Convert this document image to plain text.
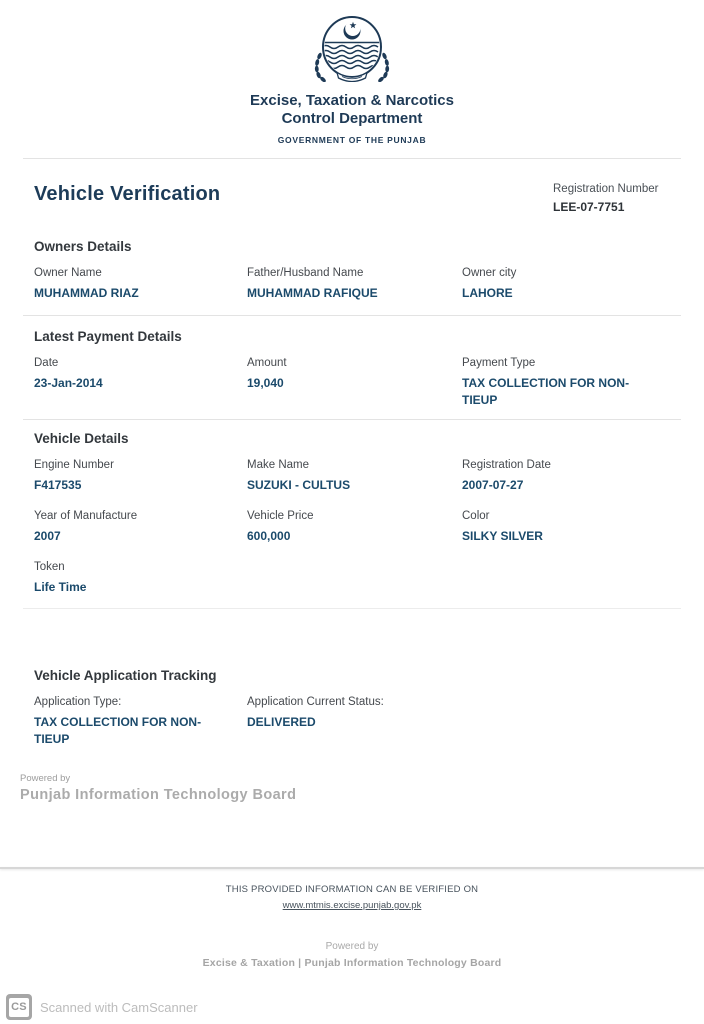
Excise, Taxation & Narcotics
Control Department
GOVERNMENT OF THE PUNJAB
Vehicle Verification	Registration Number
LEE-07-7751
Owners Details
Owner Name
MUHAMMAD RIAZ
Father/Husband Name
MUHAMMAD RAFIQUE
Owner city
LAHORE
Latest Payment Details
Date
23-Jan-2014
Amount
19,040
Payment Type
TAX COLLECTION FOR NON-TIEUP
Vehicle Details
Engine Number
F417535
Make Name
SUZUKI - CULTUS
Registration Date
2007-07-27
Year of Manufacture
2007
Vehicle Price
600,000
Color
SILKY SILVER
Token
Life Time
Vehicle Application Tracking
Application Type:
TAX COLLECTION FOR NON-TIEUP
Application Current Status:
DELIVERED
Powered by
Punjab Information Technology Board
THIS PROVIDED INFORMATION CAN BE VERIFIED ON
www.mtmis.excise.punjab.gov.pk
Powered by
Excise & Taxation | Punjab Information Technology Board
CS Scanned with CamScanner
